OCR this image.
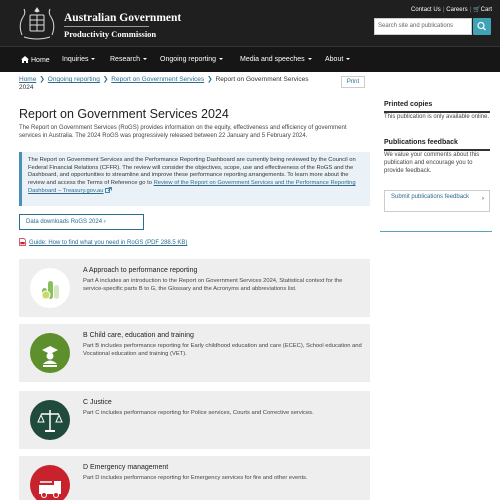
Australian Government
Productivity Commission
Contact Us | Careers | 🛒Cart
Search site and publications
Home Inquiries	Research	Ongoing reporting	Media and speeches	About
Home ❯ Ongoing reporting ❯ Report on Government Services ❯ Report on Government Services 2024
Print
Report on Government Services 2024
The Report on Government Services (RoGS) provides information on the equity, effectiveness and efficiency of government services in Australia. The 2024 RoGS was progressively released between 22 January and 5 February 2024.
The Report on Government Services and the Performance Reporting Dashboard are currently being reviewed by the Council on Federal Financial Relations (CFFR). The review will consider the objectives, scope, use and effectiveness of the RoGS and the Dashboard, and opportunities to streamline and improve these performance reporting arrangements. To learn more about the review and access the Terms of Reference go to Review of the Report on Government Services and the Performance Reporting Dashboard – Treasury.gov.au
Data downloads RoGS 2024 ›
Guide: How to find what you need in RoGS (PDF 288.5 KB)
A Approach to performance reporting
Part A includes an introduction to the Report on Government Services 2024, Statistical context for the service-specific parts B to G, the Glossary and the Acronyms and abbreviations list.
B Child care, education and training
Part B includes performance reporting for Early childhood education and care (ECEC), School education and Vocational education and training (VET).
C Justice
Part C includes performance reporting for Police services, Courts and Corrective services.
D Emergency management
Part D includes performance reporting for Emergency services for fire and other events.
Printed copies
This publication is only available online.
Publications feedback
We value your comments about this publication and encourage you to provide feedback.
Submit publications feedback	›
